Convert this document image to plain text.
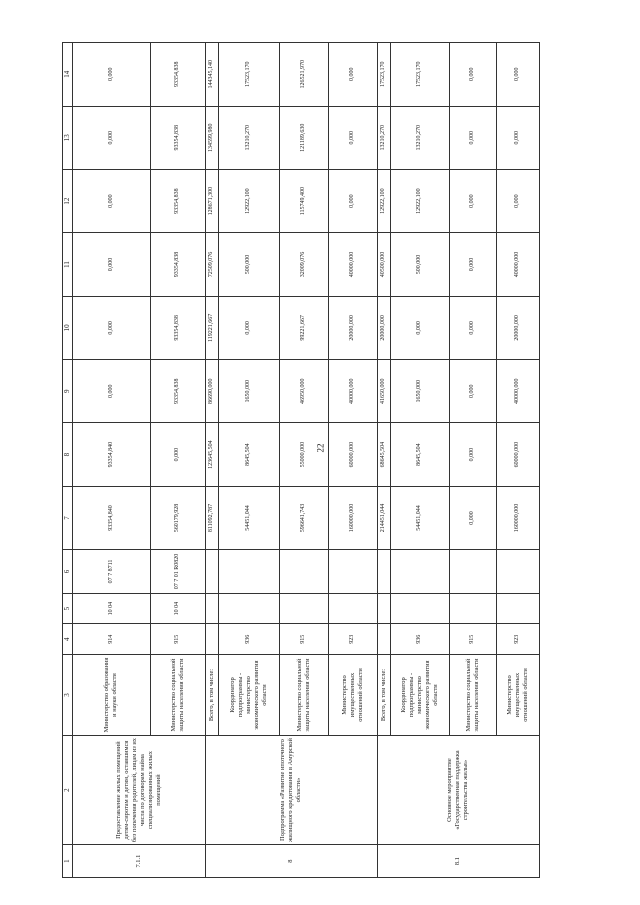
22
1	2	3	4	5	6	7	8	9	10	11	12	13	14
7.1.1	Предоставление жилых помещений детям-сиротам и детям, оставшимся без попечения родителей, лицам из их числа по договорам найма специализированных жилых помещений	Министерство образования и науки области	914	10 04	07 7 8711	93354,840	93354,840	0,000	0,000	0,000	0,000	0,000	0,000
		Министерство социальной защиты населения области	915	10 04	07 7 01 R0820	560179,928	0,000	93354,838	93354,838	93354,838	93354,838	93354,838	93354,838
8	Подпрограмма «Развитие ипотечного жилищного кредитования в Амурской области»	Всего, в том числе:				811092,787	123645,504	86690,000	119221,667	72509,076	128671,300	134599,980	144345,140
		Координатор подпрограммы - министерство экономического развития области	936			54451,044	8645,504	1650,000	0,000	500,000	12922,100	13210,270	17523,170
		Министерство социальной защиты населения области	915			596641,743	55000,000	46950,000	99221,667	32009,076	115749,400	121189,630	126521,970
		Министерство имущественных отношений области	923			160000,000	60000,000	40000,000	20000,000	40000,000	0,000	0,000	0,000
8.1	Основное мероприятие «Государственная поддержка строительства жилья»	Всего, в том числе:				214451,044	68645,504	41650,000	20000,000	40500,000	12922,100	13210,270	17523,170
		Координатор подпрограммы - министерство экономического развития области	936			54451,044	8645,504	1650,000	0,000	500,000	12922,100	13210,270	17523,170
		Министерство социальной защиты населения области	915			0,000	0,000	0,000	0,000	0,000	0,000	0,000	0,000
		Министерство имущественных отношений области	923			160000,000	60000,000	40000,000	20000,000	40000,000	0,000	0,000	0,000
